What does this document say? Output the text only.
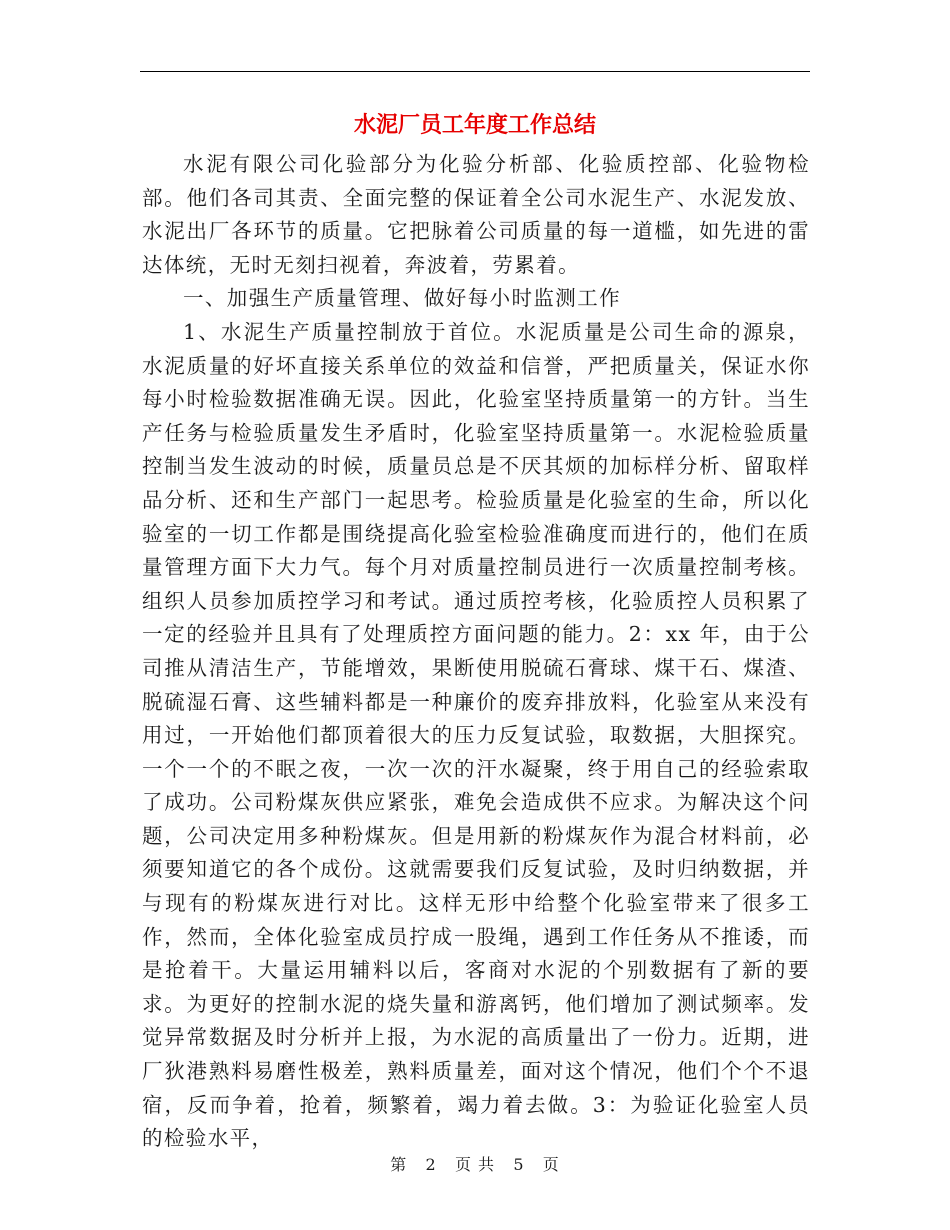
水泥厂员工年度工作总结

水泥有限公司化验部分为化验分析部、化验质控部、化验物检部。他们各司其责、全面完整的保证着全公司水泥生产、水泥发放、水泥出厂各环节的质量。它把脉着公司质量的每一道槛，如先进的雷达体统，无时无刻扫视着，奔波着，劳累着。

一、加强生产质量管理、做好每小时监测工作

1、水泥生产质量控制放于首位。水泥质量是公司生命的源泉，水泥质量的好坏直接关系单位的效益和信誉，严把质量关，保证水你每小时检验数据准确无误。因此，化验室坚持质量第一的方针。当生产任务与检验质量发生矛盾时，化验室坚持质量第一。水泥检验质量控制当发生波动的时候，质量员总是不厌其烦的加标样分析、留取样品分析、还和生产部门一起思考。检验质量是化验室的生命，所以化验室的一切工作都是围绕提高化验室检验准确度而进行的，他们在质量管理方面下大力气。每个月对质量控制员进行一次质量控制考核。组织人员参加质控学习和考试。通过质控考核，化验质控人员积累了一定的经验并且具有了处理质控方面问题的能力。2：xx 年，由于公司推从清洁生产，节能增效，果断使用脱硫石膏球、煤干石、煤渣、脱硫湿石膏、这些辅料都是一种廉价的废弃排放料，化验室从来没有用过，一开始他们都顶着很大的压力反复试验，取数据，大胆探究。一个一个的不眠之夜，一次一次的汗水凝聚，终于用自己的经验索取了成功。公司粉煤灰供应紧张，难免会造成供不应求。为解决这个问题，公司决定用多种粉煤灰。但是用新的粉煤灰作为混合材料前，必须要知道它的各个成份。这就需要我们反复试验，及时归纳数据，并与现有的粉煤灰进行对比。这样无形中给整个化验室带来了很多工作，然而，全体化验室成员拧成一股绳，遇到工作任务从不推诿，而是抢着干。大量运用辅料以后，客商对水泥的个别数据有了新的要求。为更好的控制水泥的烧失量和游离钙，他们增加了测试频率。发觉异常数据及时分析并上报，为水泥的高质量出了一份力。近期，进厂狄港熟料易磨性极差，熟料质量差，面对这个情况，他们个个不退宿，反而争着，抢着，频繁着，竭力着去做。3：为验证化验室人员的检验水平，

第 2 页 共 5 页
